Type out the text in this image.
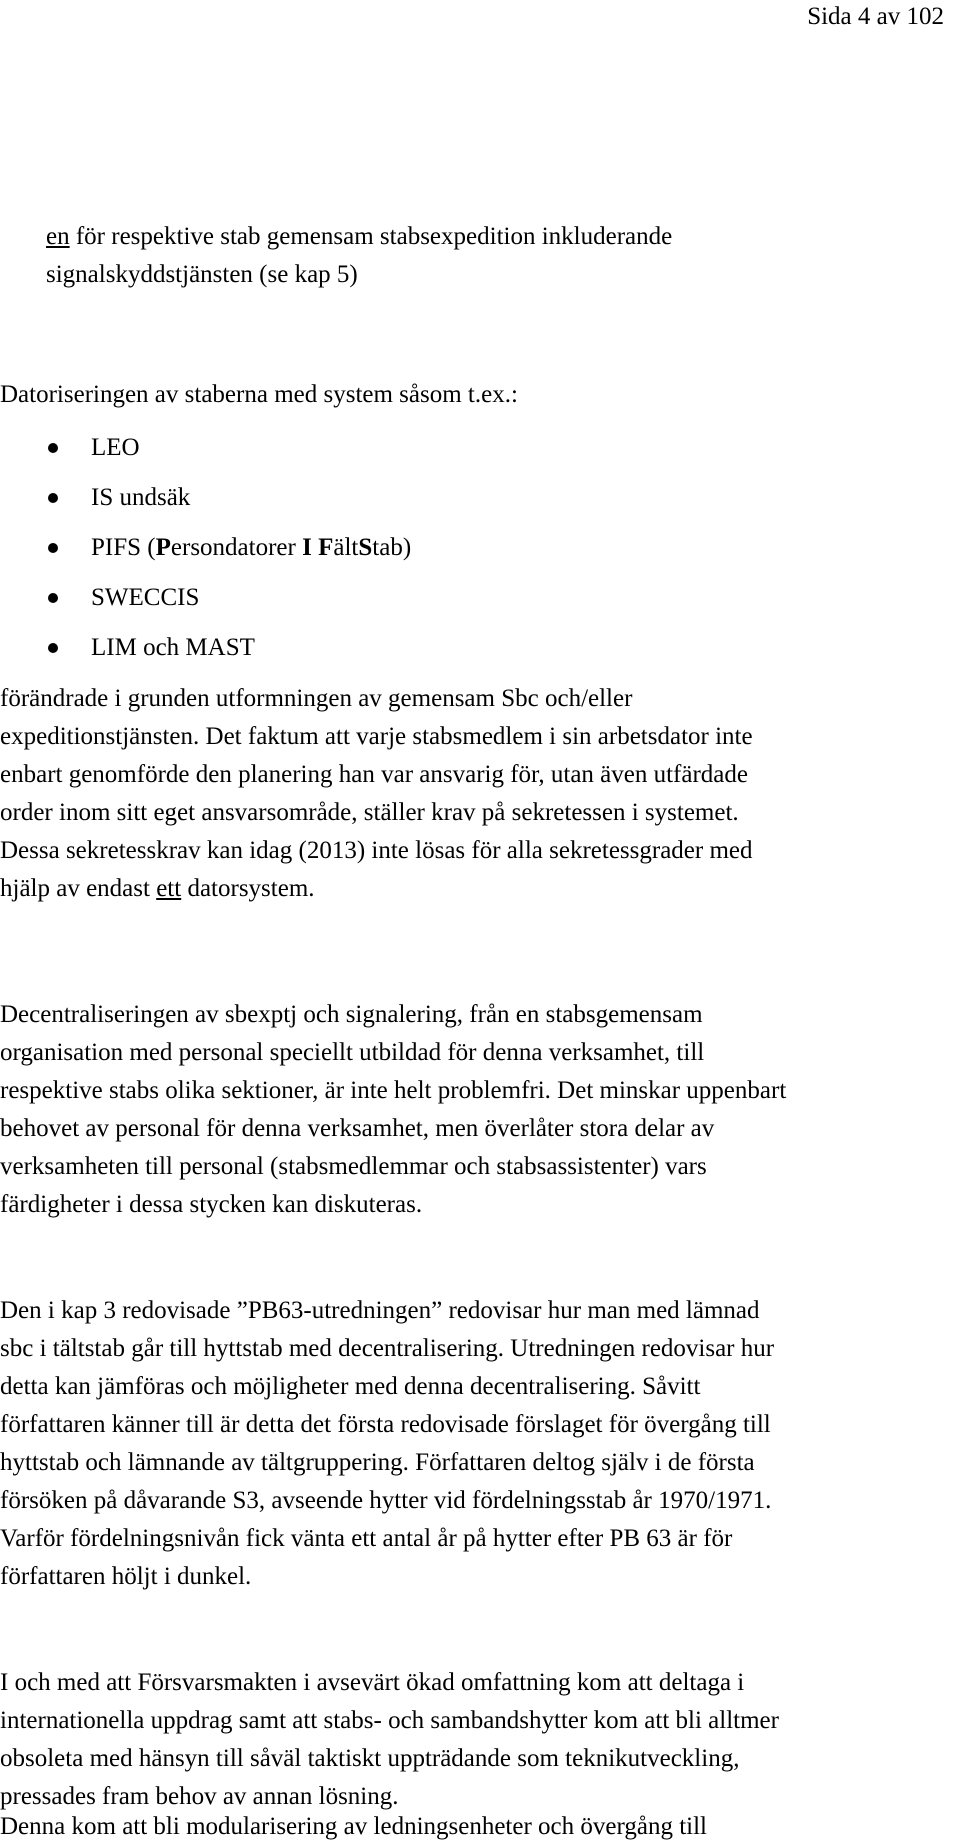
Sida 4 av 102
en för respektive stab gemensam stabsexpedition inkluderande
signalskyddstjänsten (se kap 5)
Datoriseringen av staberna med system såsom t.ex.:
LEO
IS undsäk
PIFS (Persondatorer I FältStab)
SWECCIS
LIM och MAST
förändrade i grunden utformningen av gemensam Sbc och/eller
expeditionstjänsten. Det faktum att varje stabsmedlem i sin arbetsdator inte
enbart genomförde den planering han var ansvarig för, utan även utfärdade
order inom sitt eget ansvarsområde, ställer krav på sekretessen i systemet.
Dessa sekretesskrav kan idag (2013) inte lösas för alla sekretessgrader med
hjälp av endast ett datorsystem.
Decentraliseringen av sbexptj och signalering, från en stabsgemensam
organisation med personal speciellt utbildad för denna verksamhet, till
respektive stabs olika sektioner, är inte helt problemfri. Det minskar uppenbart
behovet av personal för denna verksamhet, men överlåter stora delar av
verksamheten till personal (stabsmedlemmar och stabsassistenter) vars
färdigheter i dessa stycken kan diskuteras.
Den i kap 3 redovisade ”PB63-utredningen” redovisar hur man med lämnad
sbc i tältstab går till hyttstab med decentralisering. Utredningen redovisar hur
detta kan jämföras och möjligheter med denna decentralisering. Såvitt
författaren känner till är detta det första redovisade förslaget för övergång till
hyttstab och lämnande av tältgruppering. Författaren deltog själv i de första
försöken på dåvarande S3, avseende hytter vid fördelningsstab år 1970/1971.
Varför fördelningsnivån fick vänta ett antal år på hytter efter PB 63 är för
författaren höljt i dunkel.
I och med att Försvarsmakten i avsevärt ökad omfattning kom att deltaga i
internationella uppdrag samt att stabs- och sambandshytter kom att bli alltmer
obsoleta med hänsyn till såväl taktiskt uppträdande som teknikutveckling,
pressades fram behov av annan lösning.
Denna kom att bli modularisering av ledningsenheter och övergång till
